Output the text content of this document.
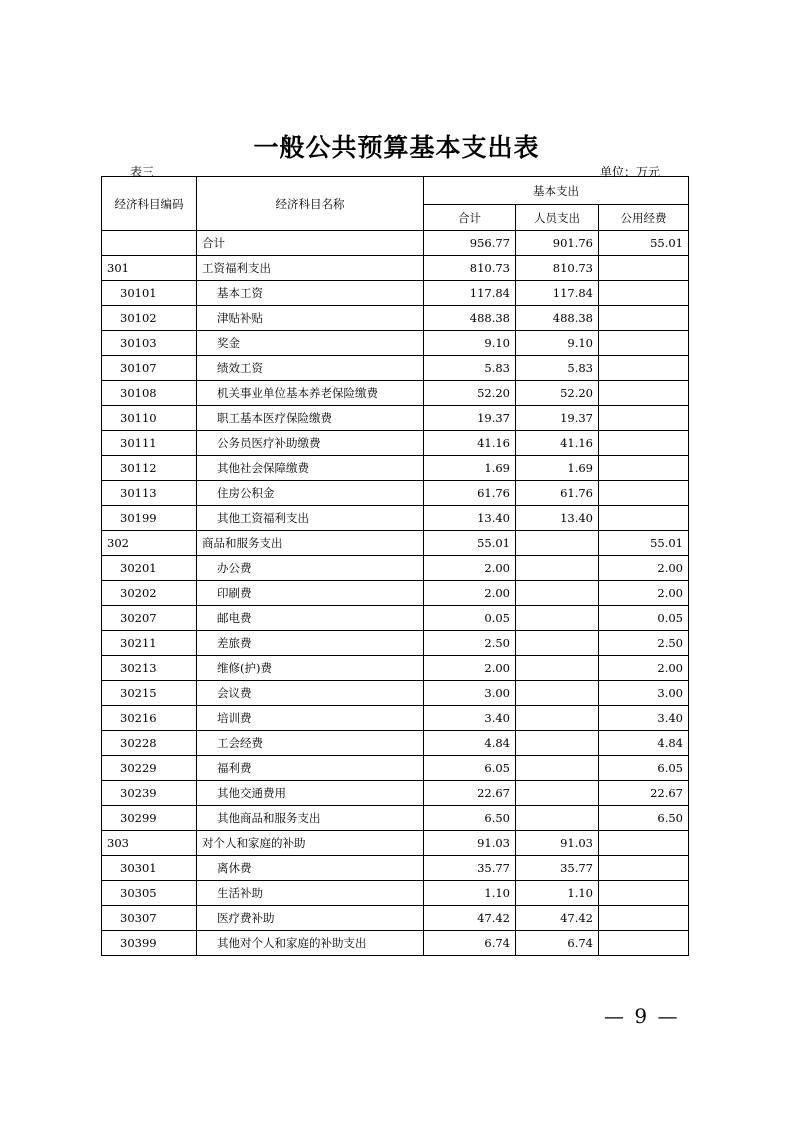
一般公共预算基本支出表
表三	单位：万元
经济科目编码	经济科目名称	基本支出		
		合计	人员支出	公用经费
	合计	956.77	901.76	55.01
301	工资福利支出	810.73	810.73	
30101	基本工资	117.84	117.84	
30102	津贴补贴	488.38	488.38	
30103	奖金	9.10	9.10	
30107	绩效工资	5.83	5.83	
30108	机关事业单位基本养老保险缴费	52.20	52.20	
30110	职工基本医疗保险缴费	19.37	19.37	
30111	公务员医疗补助缴费	41.16	41.16	
30112	其他社会保障缴费	1.69	1.69	
30113	住房公积金	61.76	61.76	
30199	其他工资福利支出	13.40	13.40	
302	商品和服务支出	55.01		55.01
30201	办公费	2.00		2.00
30202	印刷费	2.00		2.00
30207	邮电费	0.05		0.05
30211	差旅费	2.50		2.50
30213	维修(护)费	2.00		2.00
30215	会议费	3.00		3.00
30216	培训费	3.40		3.40
30228	工会经费	4.84		4.84
30229	福利费	6.05		6.05
30239	其他交通费用	22.67		22.67
30299	其他商品和服务支出	6.50		6.50
303	对个人和家庭的补助	91.03	91.03	
30301	离休费	35.77	35.77	
30305	生活补助	1.10	1.10	
30307	医疗费补助	47.42	47.42	
30399	其他对个人和家庭的补助支出	6.74	6.74	
— 9 —
